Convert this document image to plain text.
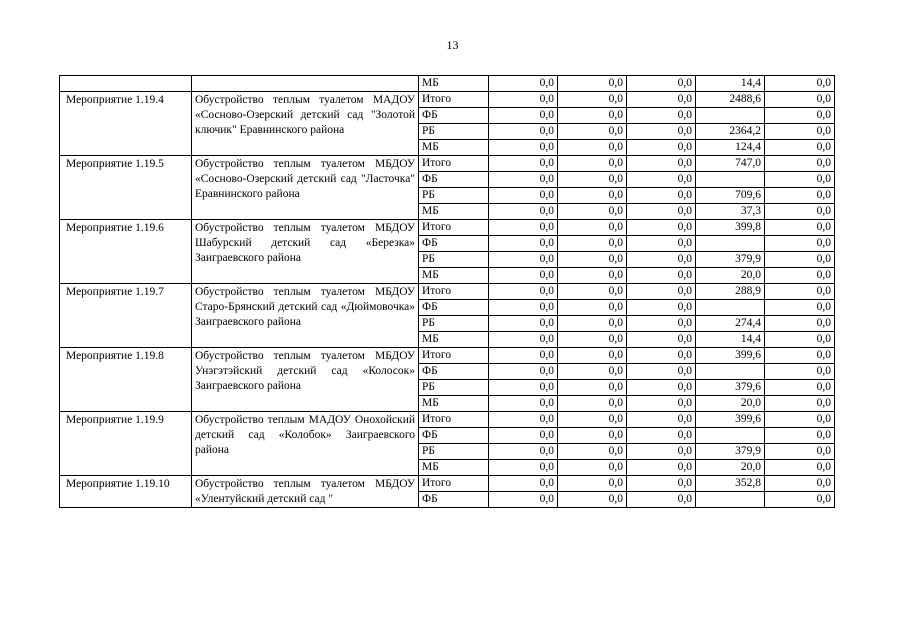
13
		МБ	0,0	0,0	0,0	14,4	0,0
Мероприятие 1.19.4	Обустройство теплым туалетом МАДОУ «Сосново-Озерский детский сад "Золотой ключик" Еравнинского района	Итого	0,0	0,0	0,0	2488,6	0,0
		ФБ	0,0	0,0	0,0		0,0
		РБ	0,0	0,0	0,0	2364,2	0,0
		МБ	0,0	0,0	0,0	124,4	0,0
Мероприятие 1.19.5	Обустройство теплым туалетом МБДОУ «Сосново-Озерский детский сад "Ласточка" Еравнинского района	Итого	0,0	0,0	0,0	747,0	0,0
		ФБ	0,0	0,0	0,0		0,0
		РБ	0,0	0,0	0,0	709,6	0,0
		МБ	0,0	0,0	0,0	37,3	0,0
Мероприятие 1.19.6	Обустройство теплым туалетом МБДОУ Шабурский детский сад «Березка» Заиграевского района	Итого	0,0	0,0	0,0	399,8	0,0
		ФБ	0,0	0,0	0,0		0,0
		РБ	0,0	0,0	0,0	379,9	0,0
		МБ	0,0	0,0	0,0	20,0	0,0
Мероприятие 1.19.7	Обустройство теплым туалетом МБДОУ Старо-Брянский детский сад «Дюймовочка» Заиграевского района	Итого	0,0	0,0	0,0	288,9	0,0
		ФБ	0,0	0,0	0,0		0,0
		РБ	0,0	0,0	0,0	274,4	0,0
		МБ	0,0	0,0	0,0	14,4	0,0
Мероприятие 1.19.8	Обустройство теплым туалетом МБДОУ Унэгэтэйский детский сад «Колосок» Заиграевского района	Итого	0,0	0,0	0,0	399,6	0,0
		ФБ	0,0	0,0	0,0		0,0
		РБ	0,0	0,0	0,0	379,6	0,0
		МБ	0,0	0,0	0,0	20,0	0,0
Мероприятие 1.19.9	Обустройство теплым МАДОУ Онохойский детский сад «Колобок» Заиграевского района	Итого	0,0	0,0	0,0	399,6	0,0
		ФБ	0,0	0,0	0,0		0,0
		РБ	0,0	0,0	0,0	379,9	0,0
		МБ	0,0	0,0	0,0	20,0	0,0
Мероприятие 1.19.10	Обустройство теплым туалетом МБДОУ «Улентуйский детский сад "	Итого	0,0	0,0	0,0	352,8	0,0
		ФБ	0,0	0,0	0,0		0,0
